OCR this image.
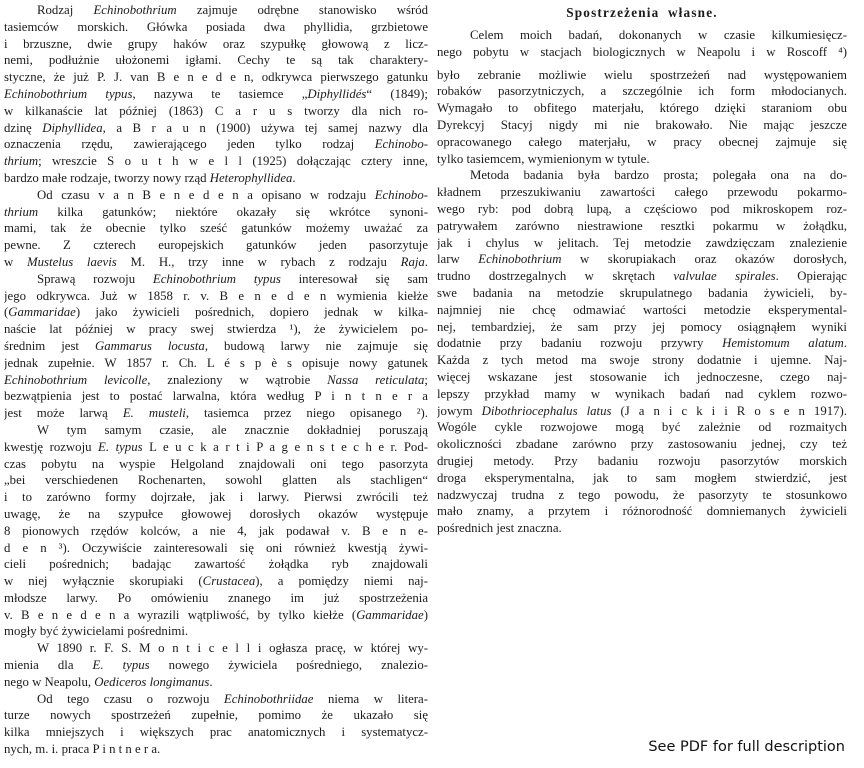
Rodzaj Echinobothrium zajmuje odrębne stanowisko wśród
tasiemców morskich. Główka posiada dwa phyllidia, grzbietowe
i brzuszne, dwie grupy haków oraz szypułkę głowową z licz-
nemi, podłużnie ułożonemi igłami. Cechy te są tak charaktery-
styczne, że już P. J. van B e n e d e n, odkrywca pierwszego gatunku
Echinobothrium typus, nazywa te tasiemce „Diphyllidés“ (1849);
w kilkanaście lat później (1863) C a r u s tworzy dla nich ro-
dzinę Diphyllidea, a B r a u n (1900) używa tej samej nazwy dla
oznaczenia rzędu, zawierającego jeden tylko rodzaj Echinobo-
thrium; wreszcie S o u t h w e l l (1925) dołączając cztery inne,
bardzo małe rodzaje, tworzy nowy rząd Heterophyllidea.
Od czasu v a n B e n e d e n a opisano w rodzaju Echinobo-
thrium kilka gatunków; niektóre okazały się wkrótce synoni-
mami, tak że obecnie tylko sześć gatunków możemy uważać za
pewne. Z czterech europejskich gatunków jeden pasorzytuje
w Mustelus laevis M. H., trzy inne w rybach z rodzaju Raja.
Sprawą rozwoju Echinobothrium typus interesował się sam
jego odkrywca. Już w 1858 r. v. B e n e d e n wymienia kiełże
(Gammaridae) jako żywicieli pośrednich, dopiero jednak w kilka-
naście lat później w pracy swej stwierdza ¹), że żywicielem po-
średnim jest Gammarus locusta, budową larwy nie zajmuje się
jednak zupełnie. W 1857 r. Ch. L é s p è s opisuje nowy gatunek
Echinobothrium levicolle, znaleziony w wątrobie Nassa reticulata;
bezwątpienia jest to postać larwalna, która według P i n t n e r a
jest może larwą E. musteli, tasiemca przez niego opisanego ²).
W tym samym czasie, ale znacznie dokładniej poruszają
kwestję rozwoju E. typus L e u c k a r t i P a g e n s t e c h e r. Pod-
czas pobytu na wyspie Helgoland znajdowali oni tego pasorzyta
„bei verschiedenen Rochenarten, sowohl glatten als stachligen“
i to zarówno formy dojrzałe, jak i larwy. Pierwsi zwrócili też
uwagę, że na szypułce głowowej dorosłych okazów występuje
8 pionowych rzędów kolców, a nie 4, jak podawał v. B e n e-
d e n ³). Oczywiście zainteresowali się oni również kwestją żywi-
cieli pośrednich; badając zawartość żołądka ryb znajdowali
w niej wyłącznie skorupiaki (Crustacea), a pomiędzy niemi naj-
młodsze larwy. Po omówieniu znanego im już spostrzeżenia
v. B e n e d e n a wyrazili wątpliwość, by tylko kiełże (Gammaridae)
mogły być żywicielami pośrednimi.
W 1890 r. F. S. M o n t i c e l l i ogłasza pracę, w której wy-
mienia dla E. typus nowego żywiciela pośredniego, znalezio-
nego w Neapolu, Oediceros longimanus.
Od tego czasu o rozwoju Echinobothriidae niema w litera-
turze nowych spostrzeżeń zupełnie, pomimo że ukazało się
kilka mniejszych i większych prac anatomicznych i systematycz-
nych, m. i. praca P i n t n e r a.
Spostrzeżenia własne.
Celem moich badań, dokonanych w czasie kilkumiesięcz-
nego pobytu w stacjach biologicznych w Neapolu i w Roscoff ⁴)
było zebranie możliwie wielu spostrzeżeń nad występowaniem
robaków pasorzytniczych, a szczególnie ich form młodocianych.
Wymagało to obfitego materjału, którego dzięki staraniom obu
Dyrekcyj Stacyj nigdy mi nie brakowało. Nie mając jeszcze
opracowanego całego materjału, w pracy obecnej zajmuje się
tylko tasiemcem, wymienionym w tytule.
Metoda badania była bardzo prosta; polegała ona na do-
kładnem przeszukiwaniu zawartości całego przewodu pokarmo-
wego ryb: pod dobrą lupą, a częściowo pod mikroskopem roz-
patrywałem zarówno niestrawione resztki pokarmu w żołądku,
jak i chylus w jelitach. Tej metodzie zawdzięczam znalezienie
larw Echinobothrium w skorupiakach oraz okazów dorosłych,
trudno dostrzegalnych w skrętach valvulae spirales. Opierając
swe badania na metodzie skrupulatnego badania żywicieli, by-
najmniej nie chcę odmawiać wartości metodzie eksperymental-
nej, tembardziej, że sam przy jej pomocy osiągnąłem wyniki
dodatnie przy badaniu rozwoju przywry Hemistomum alatum.
Każda z tych metod ma swoje strony dodatnie i ujemne. Naj-
więcej wskazane jest stosowanie ich jednoczesne, czego naj-
lepszy przykład mamy w wynikach badań nad cyklem rozwo-
jowym Dibothriocephalus latus (J a n i c k i i R o s e n 1917).
Wogóle cykle rozwojowe mogą być zależnie od rozmaitych
okoliczności zbadane zarówno przy zastosowaniu jednej, czy też
drugiej metody. Przy badaniu rozwoju pasorzytów morskich
droga eksperymentalna, jak to sam mogłem stwierdzić, jest
nadzwyczaj trudna z tego powodu, że pasorzyty te stosunkowo
mało znamy, a przytem i różnorodność domniemanych żywicieli
pośrednich jest znaczna.
See PDF for full description
